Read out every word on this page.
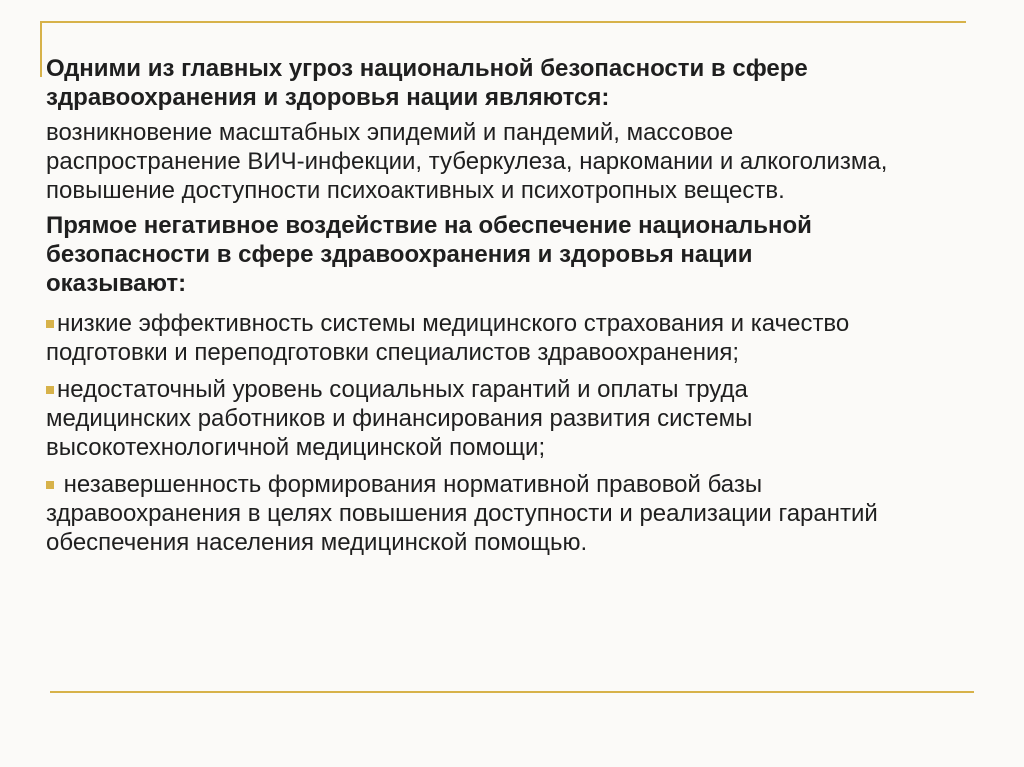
Одними из главных угроз национальной безопасности в сфере
здравоохранения и здоровья нации являются:

возникновение масштабных эпидемий и пандемий, массовое
распространение ВИЧ-инфекции, туберкулеза, наркомании и алкоголизма,
повышение доступности психоактивных и психотропных веществ.

Прямое негативное воздействие на обеспечение национальной
безопасности в сфере здравоохранения и здоровья нации
оказывают:

низкие эффективность системы медицинского страхования и качество
подготовки и переподготовки специалистов здравоохранения;
недостаточный уровень социальных гарантий и оплаты труда
медицинских работников и финансирования развития системы
высокотехнологичной медицинской помощи;
незавершенность формирования нормативной правовой базы
здравоохранения в целях повышения доступности и реализации гарантий
обеспечения населения медицинской помощью.
